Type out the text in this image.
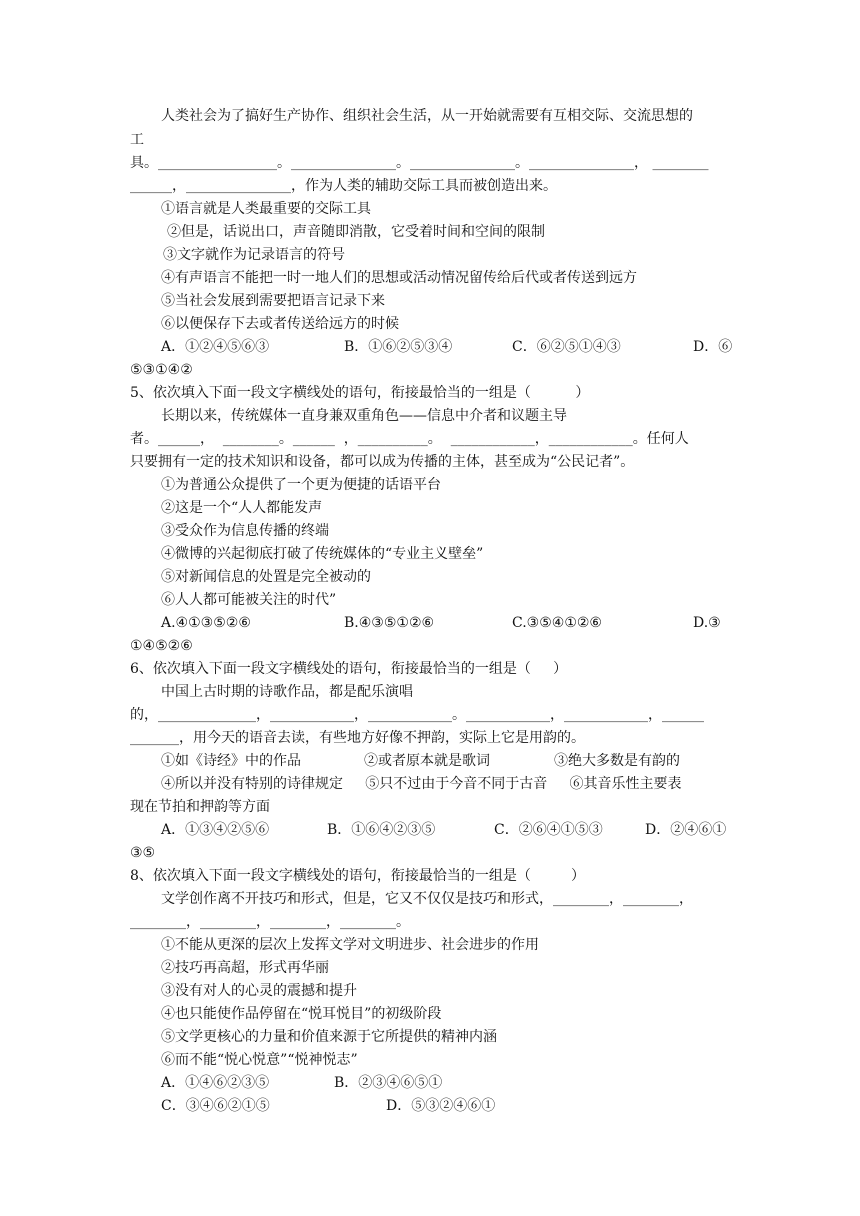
人类社会为了搞好生产协作、组织社会生活，从一开始就需要有互相交际、交流思想的
工
具。_________________。_______________。_______________。_______________， ________
______，_______________，作为人类的辅助交际工具而被创造出来。
①语言就是人类最重要的交际工具
②但是，话说出口，声音随即消散，它受着时间和空间的限制
③文字就作为记录语言的符号
④有声语言不能把一时一地人们的思想或活动情况留传给后代或者传送到远方
⑤当社会发展到需要把语言记录下来
⑥以便保存下去或者传送给远方的时候
A．①②④⑤⑥③	B．①⑥②⑤③④	C．⑥②⑤①④③	D．⑥
⑤③①④②
5、依次填入下面一段文字横线处的语句，衔接最恰当的一组是（          ）
长期以来，传统媒体一直身兼双重角色——信息中介者和议题主导
者。______，  ________。______  ，__________。  ____________，____________。任何人
只要拥有一定的技术知识和设备，都可以成为传播的主体，甚至成为“公民记者”。
①为普通公众提供了一个更为便捷的话语平台
②这是一个“人人都能发声
③受众作为信息传播的终端
④微博的兴起彻底打破了传统媒体的“专业主义壁垒”
⑤对新闻信息的处置是完全被动的
⑥人人都可能被关注的时代”
A.④①③⑤②⑥	B.④③⑤①②⑥	C.③⑤④①②⑥	D.③
①④⑤②⑥
6、依次填入下面一段文字横线处的语句，衔接最恰当的一组是（     ）
中国上古时期的诗歌作品，都是配乐演唱
的，______________，____________，____________。____________，____________，______
_______，用今天的语音去读，有些地方好像不押韵，实际上它是用韵的。
①如《诗经》中的作品	②或者原本就是歌词	③绝大多数是有韵的
④所以并没有特别的诗律规定     ⑤只不过由于今音不同于古音     ⑥其音乐性主要表
现在节拍和押韵等方面
A．①③④②⑤⑥	B．①⑥④②③⑤	C．②⑥④①⑤③	D．②④⑥①
③⑤
8、依次填入下面一段文字横线处的语句，衔接最恰当的一组是（         ）
文学创作离不开技巧和形式，但是，它又不仅仅是技巧和形式，________，________，
________，________，________，________。
①不能从更深的层次上发挥文学对文明进步、社会进步的作用
②技巧再高超，形式再华丽
③没有对人的心灵的震撼和提升
④也只能使作品停留在“悦耳悦目”的初级阶段
⑤文学更核心的力量和价值来源于它所提供的精神内涵
⑥而不能“悦心悦意”“悦神悦志”
A．①④⑥②③⑤	B．②③④⑥⑤①
C．③④⑥②①⑤	D．⑤③②④⑥①
